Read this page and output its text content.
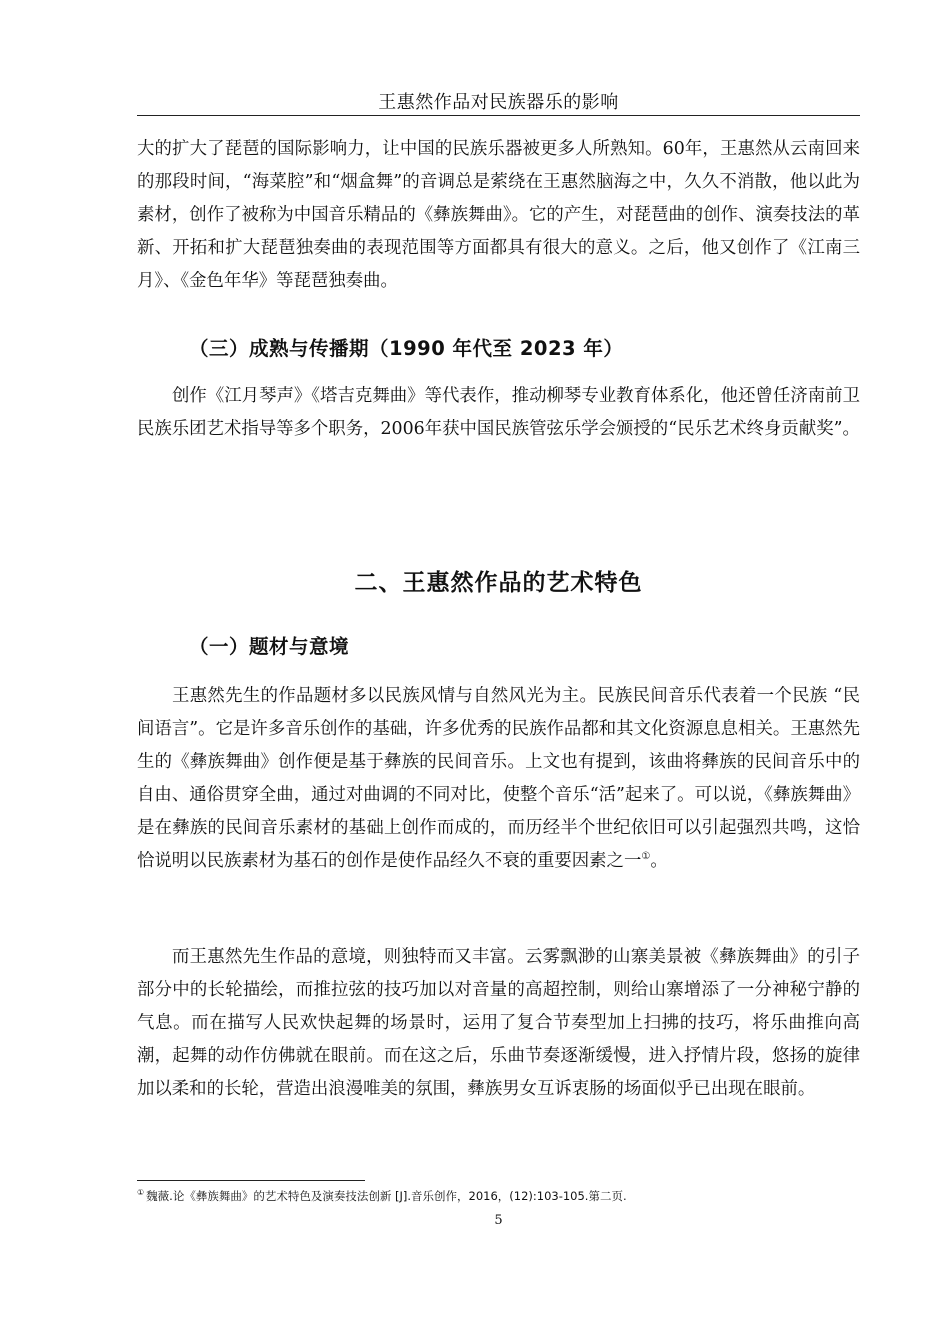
王惠然作品对民族器乐的影响

大的扩大了琵琶的国际影响力，让中国的民族乐器被更多人所熟知。60年，王惠然从云南回来的那段时间，“海菜腔”和“烟盒舞”的音调总是萦绕在王惠然脑海之中，久久不消散，他以此为素材，创作了被称为中国音乐精品的《彝族舞曲》。它的产生，对琵琶曲的创作、演奏技法的革新、开拓和扩大琵琶独奏曲的表现范围等方面都具有很大的意义。之后，他又创作了《江南三月》、《金色年华》等琵琶独奏曲。

（三）成熟与传播期（1990 年代至 2023 年）

创作《江月琴声》《塔吉克舞曲》等代表作，推动柳琴专业教育体系化，他还曾任济南前卫民族乐团艺术指导等多个职务，2006年获中国民族管弦乐学会颁授的“民乐艺术终身贡献奖”。

二、王惠然作品的艺术特色
（一）题材与意境

王惠然先生的作品题材多以民族风情与自然风光为主。民族民间音乐代表着一个民族 “民间语言”。它是许多音乐创作的基础，许多优秀的民族作品都和其文化资源息息相关。王惠然先生的《彝族舞曲》创作便是基于彝族的民间音乐。上文也有提到，该曲将彝族的民间音乐中的自由、通俗贯穿全曲，通过对曲调的不同对比，使整个音乐“活”起来了。可以说，《彝族舞曲》是在彝族的民间音乐素材的基础上创作而成的，而历经半个世纪依旧可以引起强烈共鸣，这恰恰说明以民族素材为基石的创作是使作品经久不衰的重要因素之一①。

而王惠然先生作品的意境，则独特而又丰富。云雾飘渺的山寨美景被《彝族舞曲》的引子部分中的长轮描绘，而推拉弦的技巧加以对音量的高超控制，则给山寨增添了一分神秘宁静的气息。而在描写人民欢快起舞的场景时，运用了复合节奏型加上扫拂的技巧，将乐曲推向高潮，起舞的动作仿佛就在眼前。而在这之后，乐曲节奏逐渐缓慢，进入抒情片段，悠扬的旋律加以柔和的长轮，营造出浪漫唯美的氛围，彝族男女互诉衷肠的场面似乎已出现在眼前。

① 魏薇.论《彝族舞曲》的艺术特色及演奏技法创新 [J].音乐创作，2016，(12):103-105.第二页.

5
